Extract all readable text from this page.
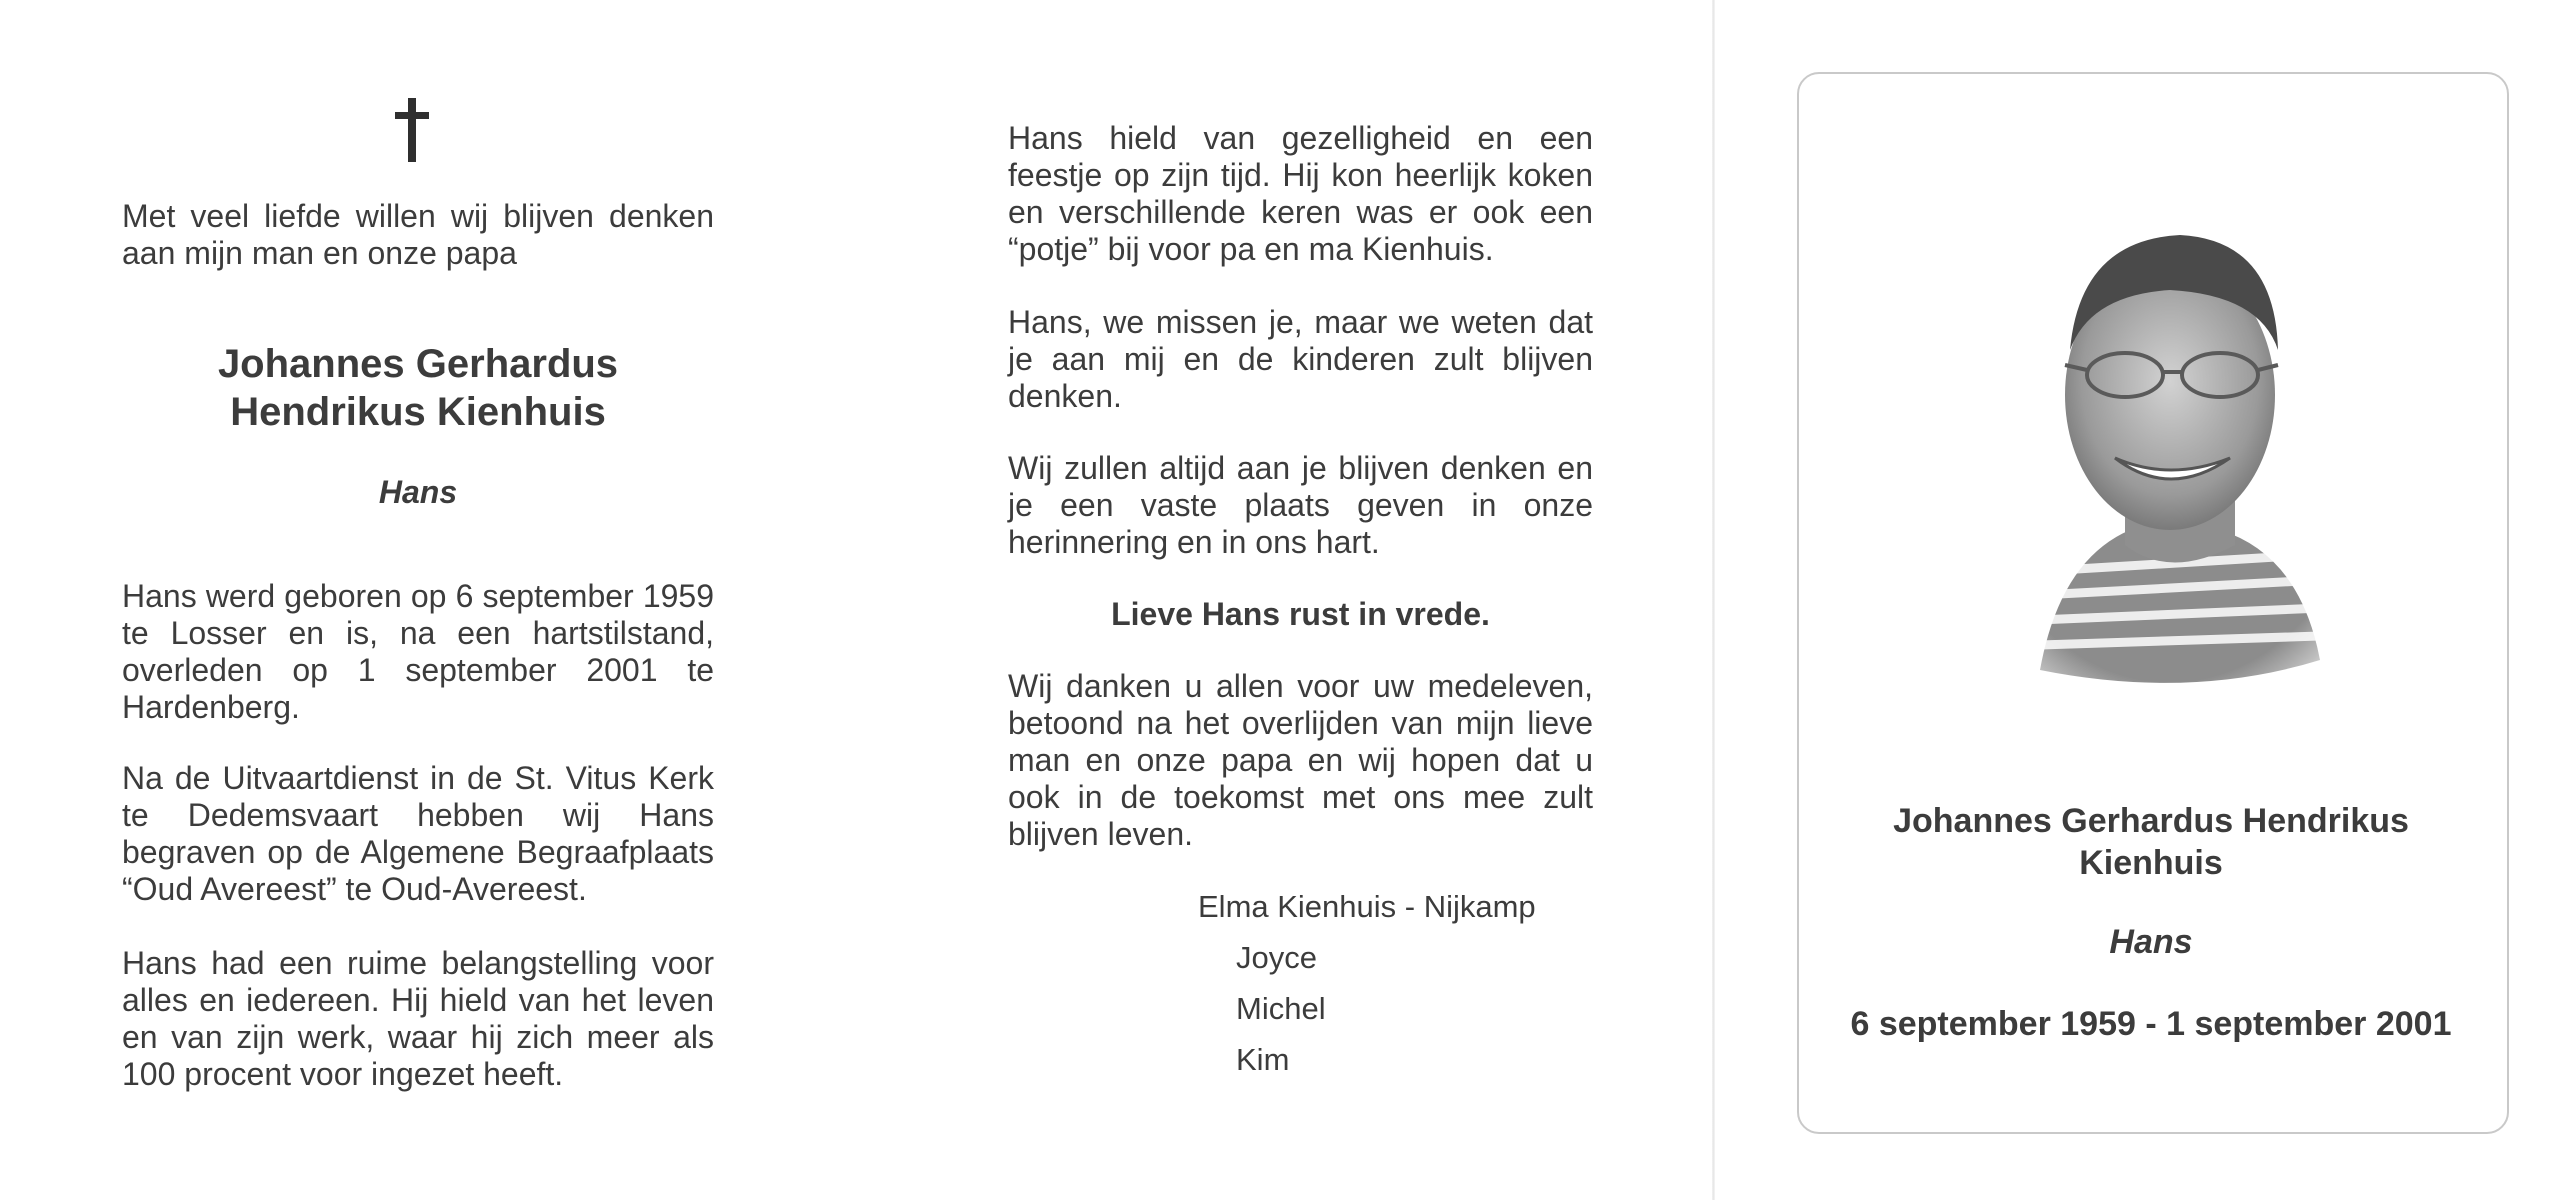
Met veel liefde willen wij blijven denken aan mijn man en onze papa
Johannes Gerhardus
Hendrikus Kienhuis
Hans
Hans werd geboren op 6 september 1959 te Losser en is, na een hartstilstand, overleden op 1 september 2001 te Hardenberg.
Na de Uitvaartdienst in de St. Vitus Kerk te Dedemsvaart hebben wij Hans begraven op de Algemene Begraafplaats “Oud Avereest” te Oud-Avereest.
Hans had een ruime belangstelling voor alles en iedereen. Hij hield van het leven en van zijn werk, waar hij zich meer als 100 procent voor ingezet heeft.
Hans hield van gezelligheid en een feestje op zijn tijd. Hij kon heerlijk koken en verschillende keren was er ook een “potje” bij voor pa en ma Kienhuis.
Hans, we missen je, maar we weten dat je aan mij en de kinderen zult blijven denken.
Wij zullen altijd aan je blijven denken en je een vaste plaats geven in onze herinnering en in ons hart.
Lieve Hans rust in vrede.
Wij danken u allen voor uw medeleven, betoond na het overlijden van mijn lieve man en onze papa en wij hopen dat u ook in de toekomst met ons mee zult blijven leven.
Elma Kienhuis - Nijkamp
Joyce
Michel
Kim
Johannes Gerhardus Hendrikus
Kienhuis
Hans
6 september 1959 - 1 september 2001
